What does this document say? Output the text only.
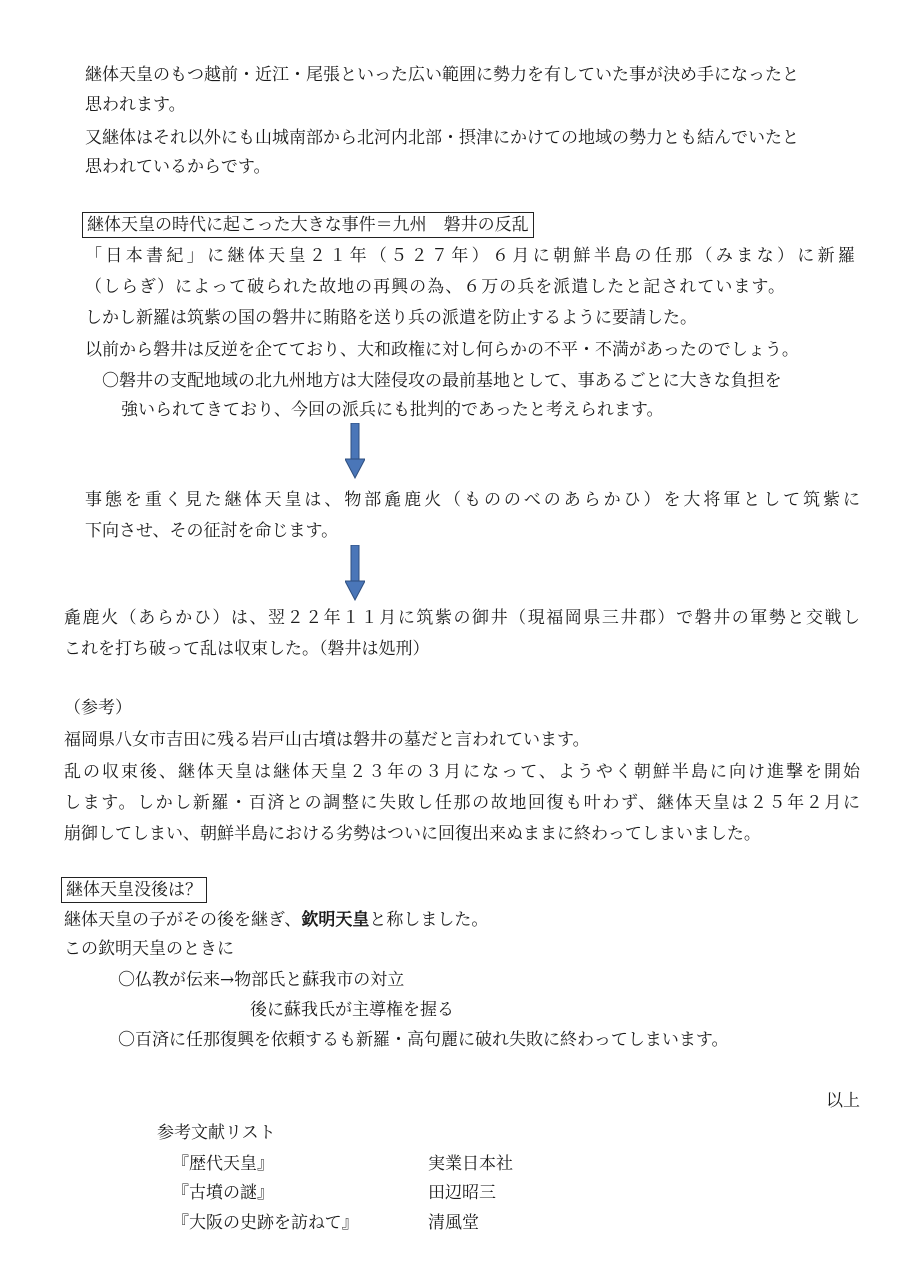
継体天皇のもつ越前・近江・尾張といった広い範囲に勢力を有していた事が決め手になったと
思われます。
又継体はそれ以外にも山城南部から北河内北部・摂津にかけての地域の勢力とも結んでいたと
思われているからです。
継体天皇の時代に起こった大きな事件＝九州　磐井の反乱
「日本書紀」に継体天皇２１年（５２７年）６月に朝鮮半島の任那（みまな）に新羅
（しらぎ）によって破られた故地の再興の為、６万の兵を派遣したと記されています。
しかし新羅は筑紫の国の磐井に賄賂を送り兵の派遣を防止するように要請した。
以前から磐井は反逆を企てており、大和政権に対し何らかの不平・不満があったのでしょう。
〇磐井の支配地域の北九州地方は大陸侵攻の最前基地として、事あるごとに大きな負担を
強いられてきており、今回の派兵にも批判的であったと考えられます。
事態を重く見た継体天皇は、物部麁鹿火（もののべのあらかひ）を大将軍として筑紫に
下向させ、その征討を命じます。
麁鹿火（あらかひ）は、翌２２年１１月に筑紫の御井（現福岡県三井郡）で磐井の軍勢と交戦し
これを打ち破って乱は収束した。（磐井は処刑）
（参考）
福岡県八女市吉田に残る岩戸山古墳は磐井の墓だと言われています。
乱の収束後、継体天皇は継体天皇２３年の３月になって、ようやく朝鮮半島に向け進撃を開始
します。しかし新羅・百済との調整に失敗し任那の故地回復も叶わず、継体天皇は２５年２月に
崩御してしまい、朝鮮半島における劣勢はついに回復出来ぬままに終わってしまいました。
継体天皇没後は？
継体天皇の子がその後を継ぎ、欽明天皇と称しました。
この欽明天皇のときに
〇仏教が伝来→物部氏と蘇我市の対立
後に蘇我氏が主導権を握る
〇百済に任那復興を依頼するも新羅・高句麗に破れ失敗に終わってしまいます。
以上
参考文献リスト
『歴代天皇』	実業日本社
『古墳の謎』	田辺昭三
『大阪の史跡を訪ねて』	清風堂
